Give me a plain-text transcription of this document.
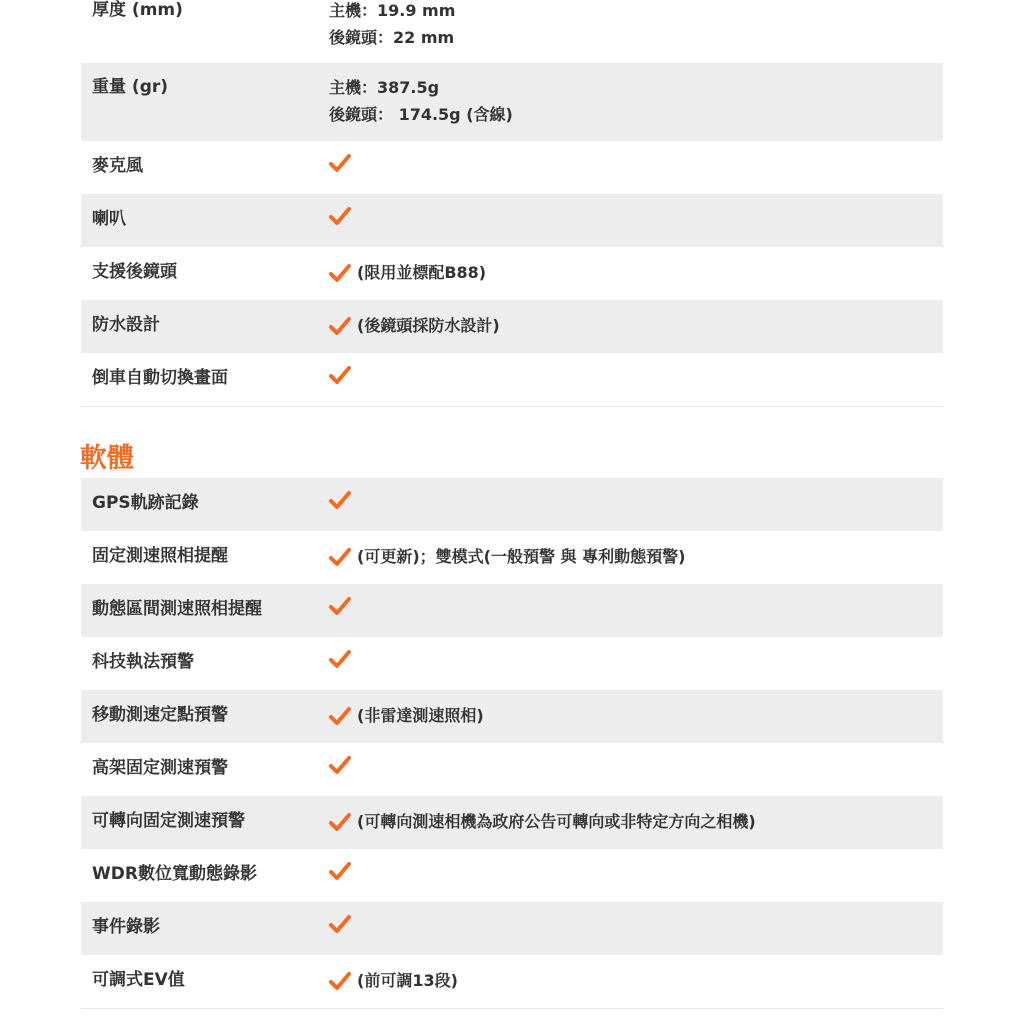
厚度 (mm)	主機：19.9 mm
後鏡頭：22 mm
重量 (gr)	主機：387.5g
後鏡頭： 174.5g (含線)
麥克風
喇叭
支援後鏡頭	(限用並標配B88)
防水設計	(後鏡頭採防水設計)
倒車自動切換畫面
軟體
GPS軌跡記錄
固定測速照相提醒	(可更新)；雙模式(一般預警 與 專利動態預警)
動態區間測速照相提醒
科技執法預警
移動測速定點預警	(非雷達測速照相)
高架固定測速預警
可轉向固定測速預警	(可轉向測速相機為政府公告可轉向或非特定方向之相機)
WDR數位寬動態錄影
事件錄影
可調式EV值	(前可調13段)
